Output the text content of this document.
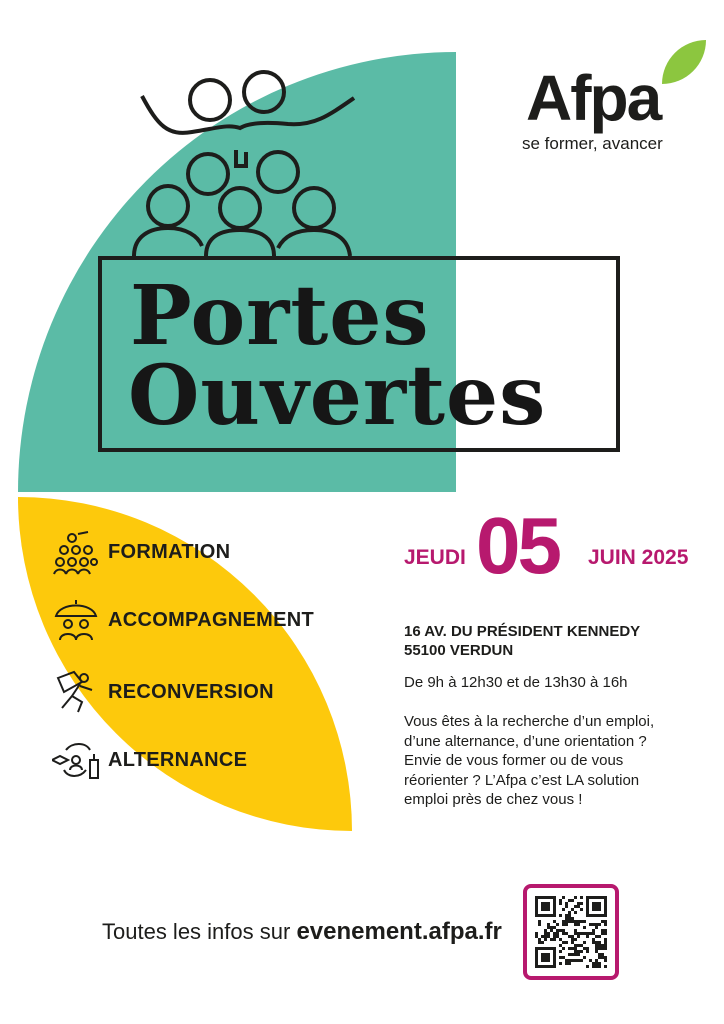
Portes
Ouvertes
Afpa
se former, avancer
FORMATION
ACCOMPAGNEMENT
RECONVERSION
ALTERNANCE
JEUDI 05 JUIN 2025
16 AV. DU PRÉSIDENT KENNEDY
55100 VERDUN
De 9h à 12h30 et de 13h30 à 16h
Vous êtes à la recherche d’un emploi,
d’une alternance, d’une orientation ?
Envie de vous former ou de vous
réorienter ? L’Afpa c’est LA solution
emploi près de chez vous !
Toutes les infos sur evenement.afpa.fr
